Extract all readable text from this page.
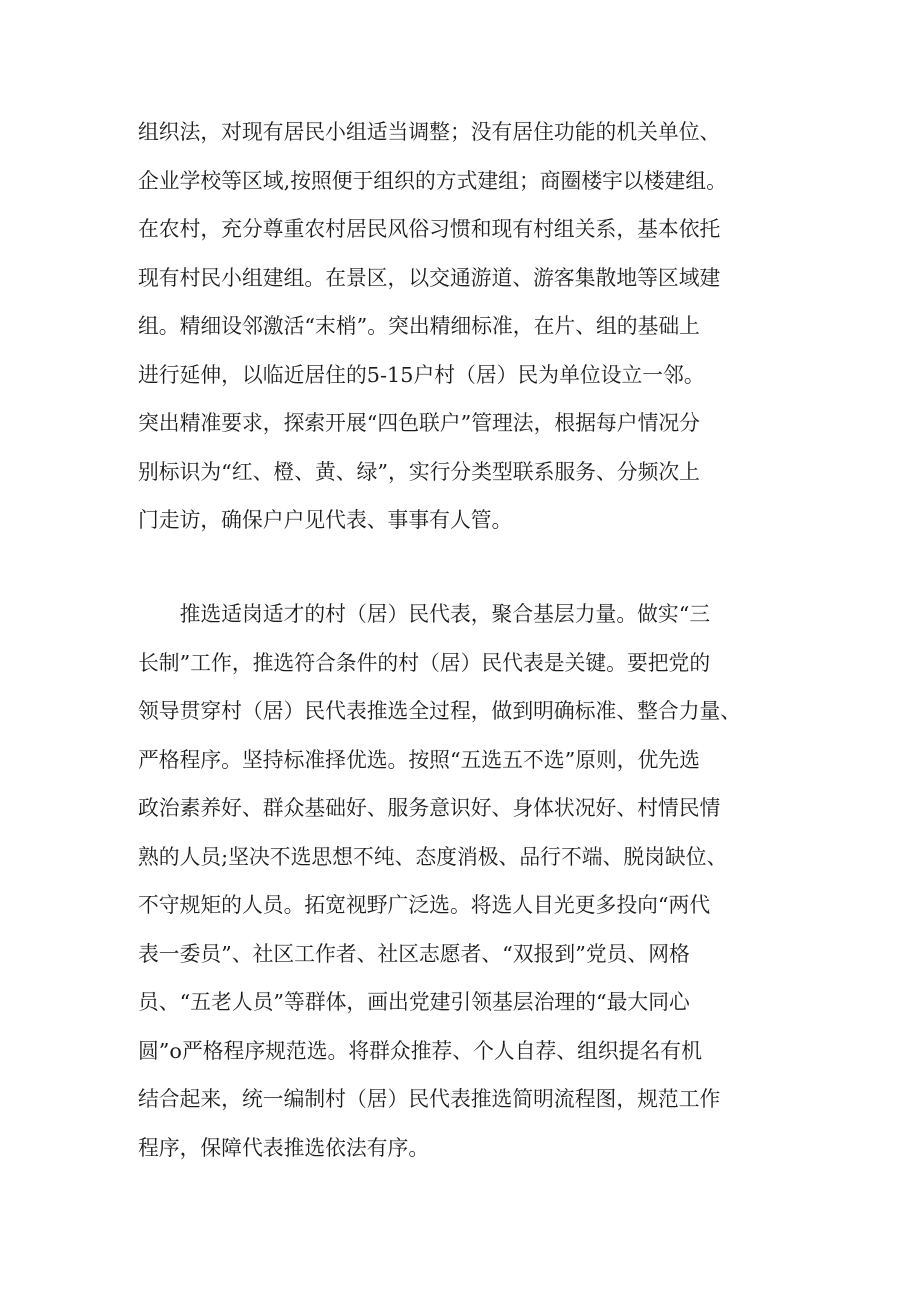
组织法，对现有居民小组适当调整；没有居住功能的机关单位、
企业学校等区域,按照便于组织的方式建组；商圈楼宇以楼建组。
在农村，充分尊重农村居民风俗习惯和现有村组关系，基本依托
现有村民小组建组。在景区，以交通游道、游客集散地等区域建
组。精细设邻激活“末梢”。突出精细标准，在片、组的基础上
进行延伸，以临近居住的5-15户村（居）民为单位设立一邻。
突出精准要求，探索开展“四色联户”管理法，根据每户情况分
别标识为“红、橙、黄、绿”，实行分类型联系服务、分频次上
门走访，确保户户见代表、事事有人管。
　　推选适岗适才的村（居）民代表，聚合基层力量。做实“三
长制”工作，推选符合条件的村（居）民代表是关键。要把党的
领导贯穿村（居）民代表推选全过程，做到明确标准、整合力量、
严格程序。坚持标准择优选。按照“五选五不选”原则，优先选
政治素养好、群众基础好、服务意识好、身体状况好、村情民情
熟的人员;坚决不选思想不纯、态度消极、品行不端、脱岗缺位、
不守规矩的人员。拓宽视野广泛选。将选人目光更多投向“两代
表一委员”、社区工作者、社区志愿者、“双报到”党员、网格
员、“五老人员”等群体，画出党建引领基层治理的“最大同心
圆”o严格程序规范选。将群众推荐、个人自荐、组织提名有机
结合起来，统一编制村（居）民代表推选简明流程图，规范工作
程序，保障代表推选依法有序。
